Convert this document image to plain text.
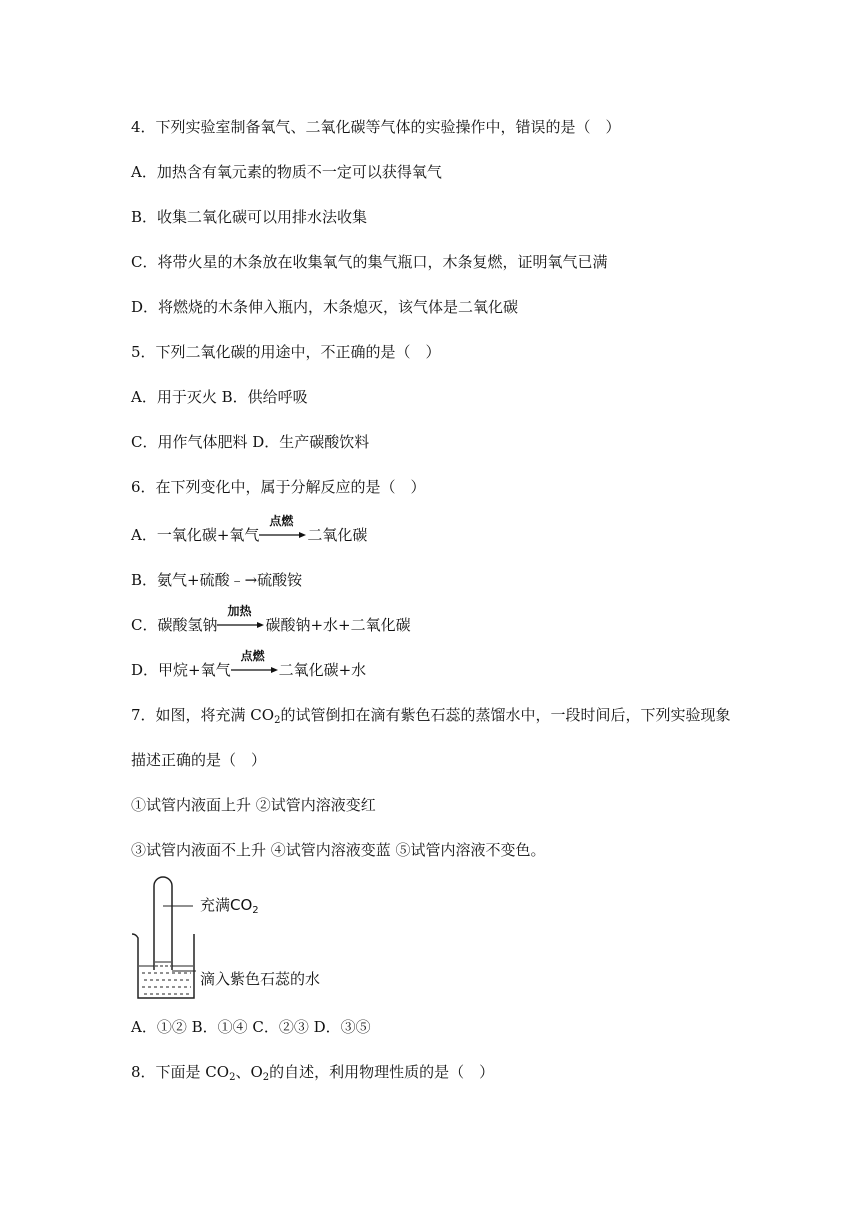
4．下列实验室制备氧气、二氧化碳等气体的实验操作中，错误的是（　）
A．加热含有氧元素的物质不一定可以获得氧气
B．收集二氧化碳可以用排水法收集
C．将带火星的木条放在收集氧气的集气瓶口，木条复燃，证明氧气已满
D．将燃烧的木条伸入瓶内，木条熄灭，该气体是二氧化碳
5．下列二氧化碳的用途中，不正确的是（　）
A．用于灭火 B．供给呼吸
C．用作气体肥料 D．生产碳酸饮料
6．在下列变化中，属于分解反应的是（　）
A．一氧化碳+氧气
点燃
二氧化碳
B．氨气+硫酸﹣→硫酸铵
C．碳酸氢钠
加热
碳酸钠+水+二氧化碳
D．甲烷+氧气
点燃
二氧化碳+水
7．如图，将充满 $CO_2$的试管倒扣在滴有紫色石蕊的蒸馏水中，一段时间后，下列实验现象
描述正确的是（　）
①试管内液面上升 ②试管内溶液变红
③试管内液面不上升 ④试管内溶液变蓝 ⑤试管内溶液不变色。
充满$CO_2$
滴入紫色石蕊的水
A．①② B．①④ C．②③ D．③⑤
8．下面是 $CO_2$、$O_2$的自述，利用物理性质的是（　）
